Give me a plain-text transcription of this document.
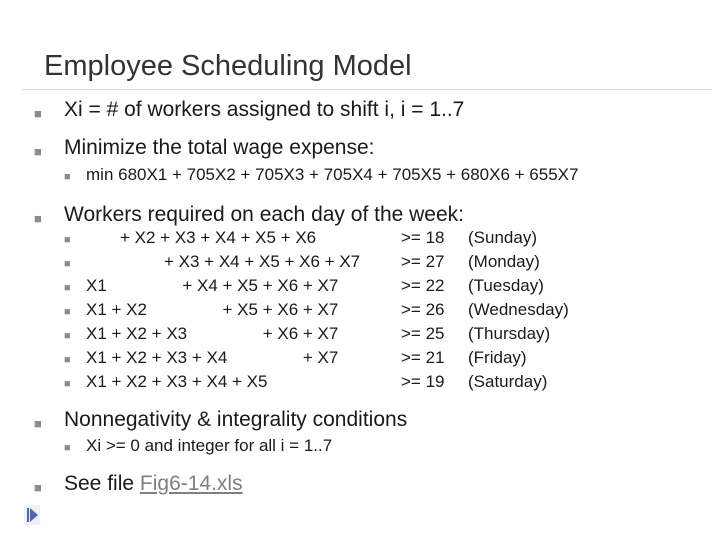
Employee Scheduling Model
■ Xi = # of workers assigned to shift i, i = 1..7
■ Minimize the total wage expense:
■ min 680X1 + 705X2 + 705X3 + 705X4 + 705X5 + 680X6 + 655X7
■ Workers required on each day of the week:
■	+ X2 + X3 + X4 + X5 + X6	>= 18 (Sunday)
■	+ X3 + X4 + X5 + X6 + X7 >= 27 (Monday)
■ X1                + X4 + X5 + X6 + X7	>= 22 (Tuesday)
■ X1 + X2                + X5 + X6 + X7	>= 26 (Wednesday)
■ X1 + X2 + X3                + X6 + X7	>= 25 (Thursday)
■ X1 + X2 + X3 + X4                + X7	>= 21 (Friday)
■ X1 + X2 + X3 + X4 + X5	>= 19 (Saturday)
■ Nonnegativity & integrality conditions
■ Xi >= 0 and integer for all i = 1..7
■ See file Fig6-14.xls
